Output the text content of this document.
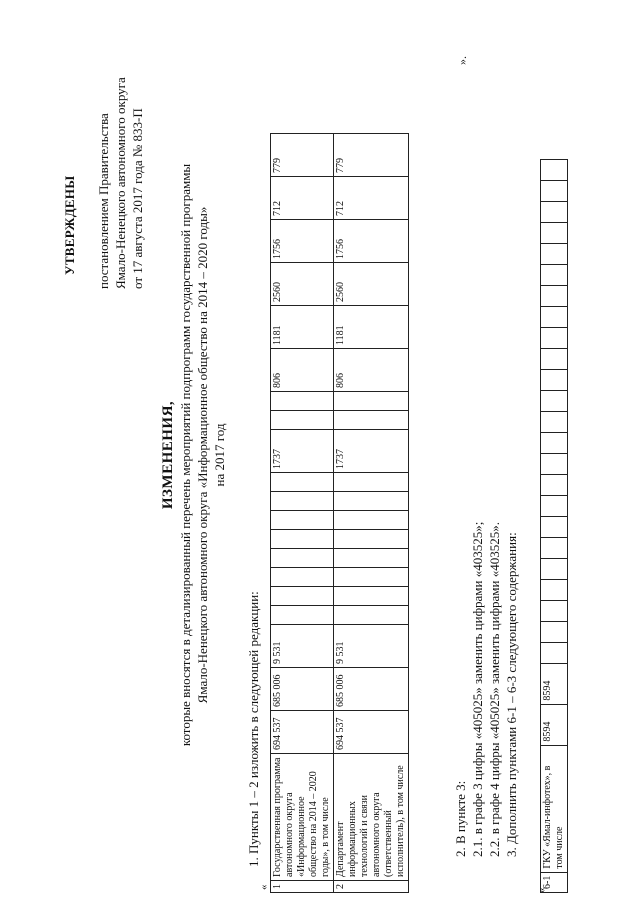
УТВЕРЖДЕНЫ постановлением Правительства Ямало-Ненецкого автономного округа от 17 августа 2017 года № 833-П
ИЗМЕНЕНИЯ, которые вносятся в детализированный перечень мероприятий подпрограмм государственной программы Ямало-Ненецкого автономного округа «Информационное общество на 2014 – 2020 годы» на 2017 год
1. Пункты 1 – 2 изложить в следующей редакции:
« 1	Государственная программа автономного округа «Информационное общество на 2014 – 2020 годы», в том числе	694 537	685 006	9 531									1737			806	1181	2560	1756	712	779
2	Департамент информационных технологий и связи автономного округа (ответственный исполнитель), в том числе	694 537	685 006	9 531									1737			806	1181	2560	1756	712	779
».
2. В пункте 3: 2.1. в графе 3 цифры «405025» заменить цифрами «403525»; 2.2. в графе 4 цифры «405025» заменить цифрами «403525». 3. Дополнить пунктами 6-1 – 6-3 следующего содержания:
«
6-1	ГКУ «Ямал-инфотех», в том числе	8594	8594																								
